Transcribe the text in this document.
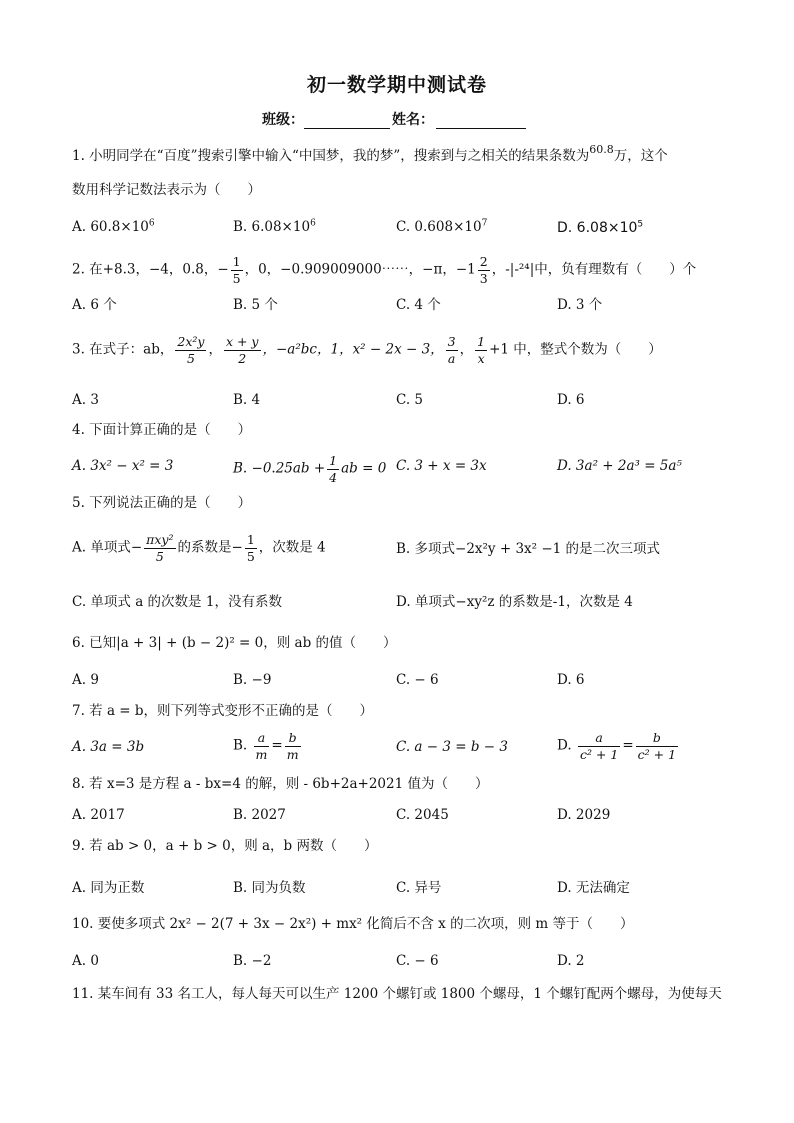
初一数学期中测试卷
班级：	姓名：
1. 小明同学在“百度”搜索引擎中输入“中国梦，我的梦”，搜索到与之相关的结果条数为$^{60.8}$万，这个
数用科学记数法表示为（　　）
A. $60.8\times 10^6$	B. $6.08\times 10^6$	C. $0.608\times 10^7$	D. $6.08\times 10^5$
2. 在+8.3，−4，0.8，− $\frac{1}{5}$ ，0，−0.909009000⋯⋯，−π，$-1 \frac{2}{3}$ ，-|-²⁴|中，负有理数有（　　）个
A. 6 个	B. 5 个	C. 4 个	D. 3 个
3. 在式子：ab， $\frac{\text{2x²y}}{5}$ ， $\frac{x + y}{2}$ ，−a²bc，1，x² − 2x − 3， $\frac{3}{a}$ ， $\frac{1}{x} +1$ 中，整式个数为（　　）
A. 3	B. 4	C. 5	D. 6
4. 下面计算正确的是（　　）
A. 3x² − x² = 3	B. $-0.25ab + \frac{1}{4}$ ab = 0 C. 3 + x = 3x	D. 3a² + 2a³ = 5a⁵
5. 下列说法正确的是（　　）
A. 单项式− $\frac{\text{πxy²}}{5}$ 的系数是− $\frac{1}{5}$ ，次数是 4	B. 多项式−2x²y + 3x² −1 的是二次三项式
C. 单项式 a 的次数是 1，没有系数	D. 单项式−xy²z 的系数是-1，次数是 4
6. 已知|a + 3| + (b − 2)² = 0，则 ab 的值（　　）
A. 9	B. −9	C. − 6	D. 6
7. 若 a = b，则下列等式变形不正确的是（　　）
A. 3a = 3b	B. $\frac{a}{m} = \frac{b}{m}$	C. a − 3 = b − 3	D. $\frac{a}{\text{c² + 1}} = \frac{b}{\text{c² + 1}}$
8. 若 x=3 是方程 a - bx=4 的解，则 - 6b+2a+2021 值为（　　）
A. 2017	B. 2027	C. 2045	D. 2029
9. 若 ab > 0，a + b > 0，则 a，b 两数（　　）
A. 同为正数	B. 同为负数	C. 异号	D. 无法确定
10. 要使多项式 2x² − 2(7 + 3x − 2x²) + mx² 化简后不含 x 的二次项，则 m 等于（　　）
A. 0	B. −2	C. − 6	D. 2
11. 某车间有 33 名工人，每人每天可以生产 1200 个螺钉或 1800 个螺母，1 个螺钉配两个螺母，为使每天
